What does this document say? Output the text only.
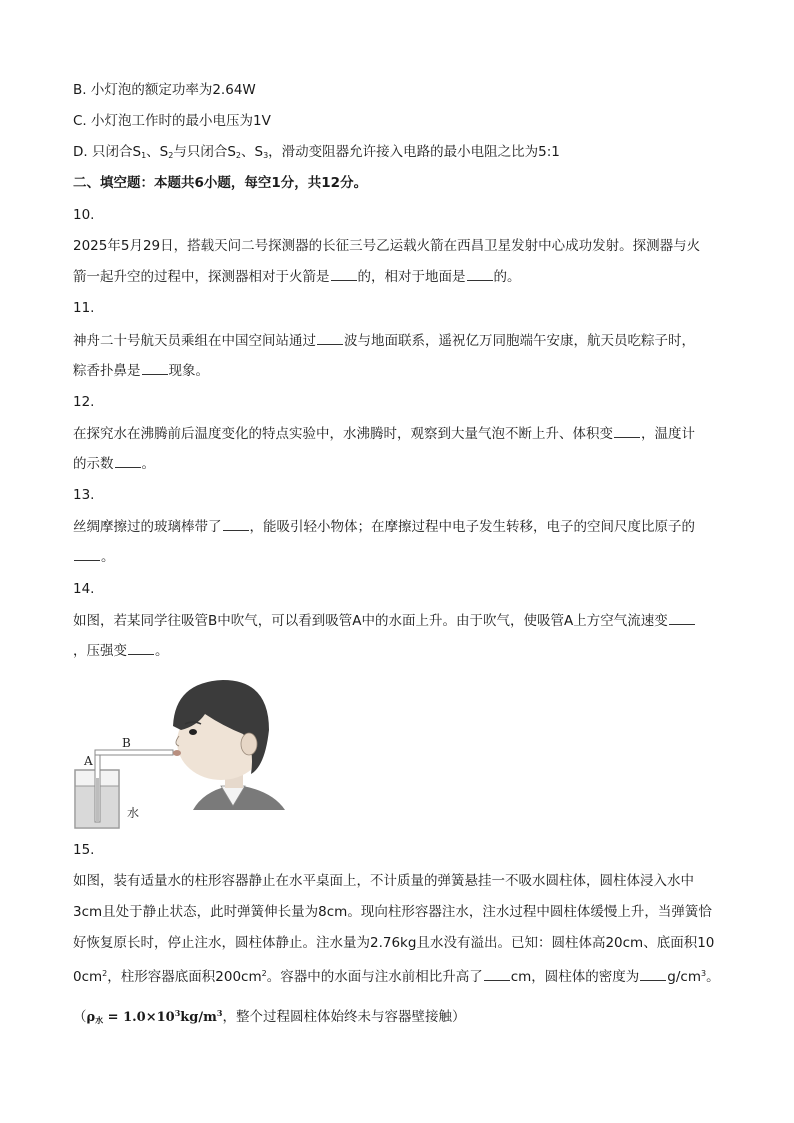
B. 小灯泡的额定功率为2.64W
C. 小灯泡工作时的最小电压为1V
D. 只闭合$S_1$、$S_2$与只闭合$S_2$、$S_3$，滑动变阻器允许接入电路的最小电阻之比为5:1
二、填空题：本题共6小题，每空1分，共12分。
10.
2025年5月29日，搭载天问二号探测器的长征三号乙运载火箭在西昌卫星发射中心成功发射。探测器与火
箭一起升空的过程中，探测器相对于火箭是 的，相对于地面是 的。
11.
神舟二十号航天员乘组在中国空间站通过 波与地面联系，遥祝亿万同胞端午安康，航天员吃粽子时，
粽香扑鼻是 现象。
12.
在探究水在沸腾前后温度变化的特点实验中，水沸腾时，观察到大量气泡不断上升、体积变 ，温度计
的示数 。
13.
丝绸摩擦过的玻璃棒带了 ，能吸引轻小物体；在摩擦过程中电子发生转移，电子的空间尺度比原子的
。
14.
如图，若某同学往吸管B中吹气，可以看到吸管A中的水面上升。由于吹气，使吸管A上方空气流速变
，压强变 。
A
B
水
15.
如图，装有适量水的柱形容器静止在水平桌面上，不计质量的弹簧悬挂一不吸水圆柱体，圆柱体浸入水中
3cm且处于静止状态，此时弹簧伸长量为8cm。现向柱形容器注水，注水过程中圆柱体缓慢上升，当弹簧恰
好恢复原长时，停止注水，圆柱体静止。注水量为2.76kg且水没有溢出。已知：圆柱体高20cm、底面积10
$0cm^2$，柱形容器底面积$200cm^2$。容器中的水面与注水前相比升高了 cm，圆柱体的密度为 $g/cm^3$。
（$\rho_水 = 1.0\times 10^3kg/m^3$，整个过程圆柱体始终未与容器壁接触）
